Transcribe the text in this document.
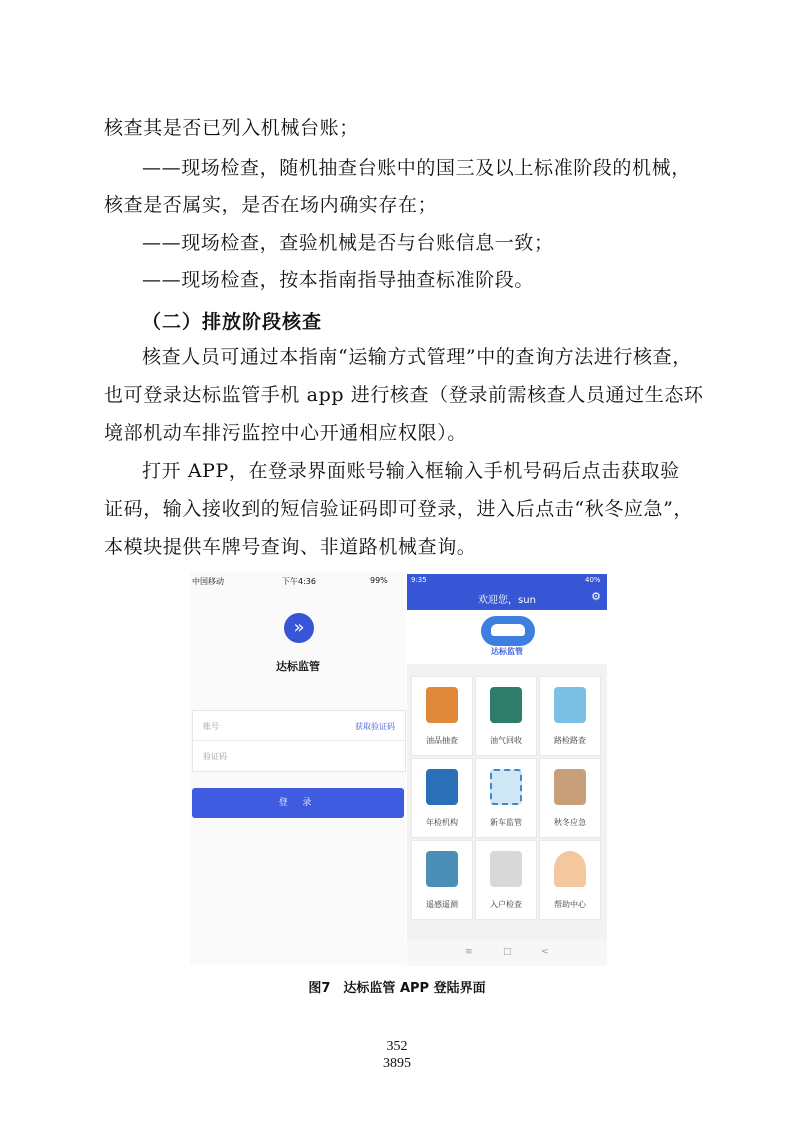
核查其是否已列入机械台账；
——现场检查，随机抽查台账中的国三及以上标准阶段的机械，
核查是否属实，是否在场内确实存在；
——现场检查，查验机械是否与台账信息一致；
——现场检查，按本指南指导抽查标准阶段。
（二）排放阶段核查
核查人员可通过本指南“运输方式管理”中的查询方法进行核查，
也可登录达标监管手机 app 进行核查（登录前需核查人员通过生态环
境部机动车排污监控中心开通相应权限）。
打开 APP，在登录界面账号输入框输入手机号码后点击获取验
证码，输入接收到的短信验证码即可登录，进入后点击“秋冬应急”，
本模块提供车牌号查询、非道路机械查询。
中国移动	下午4:36	99%
»
达标监管
账号	获取验证码
验证码
登 录
9:35	40%
欢迎您，sun	⚙
达标监管
油品抽查	油气回收	路检路查
年检机构	新车监管	秋冬应急
遥感遥测	入户检查	帮助中心
≡	□	<
图7　达标监管 APP 登陆界面
352
3895
